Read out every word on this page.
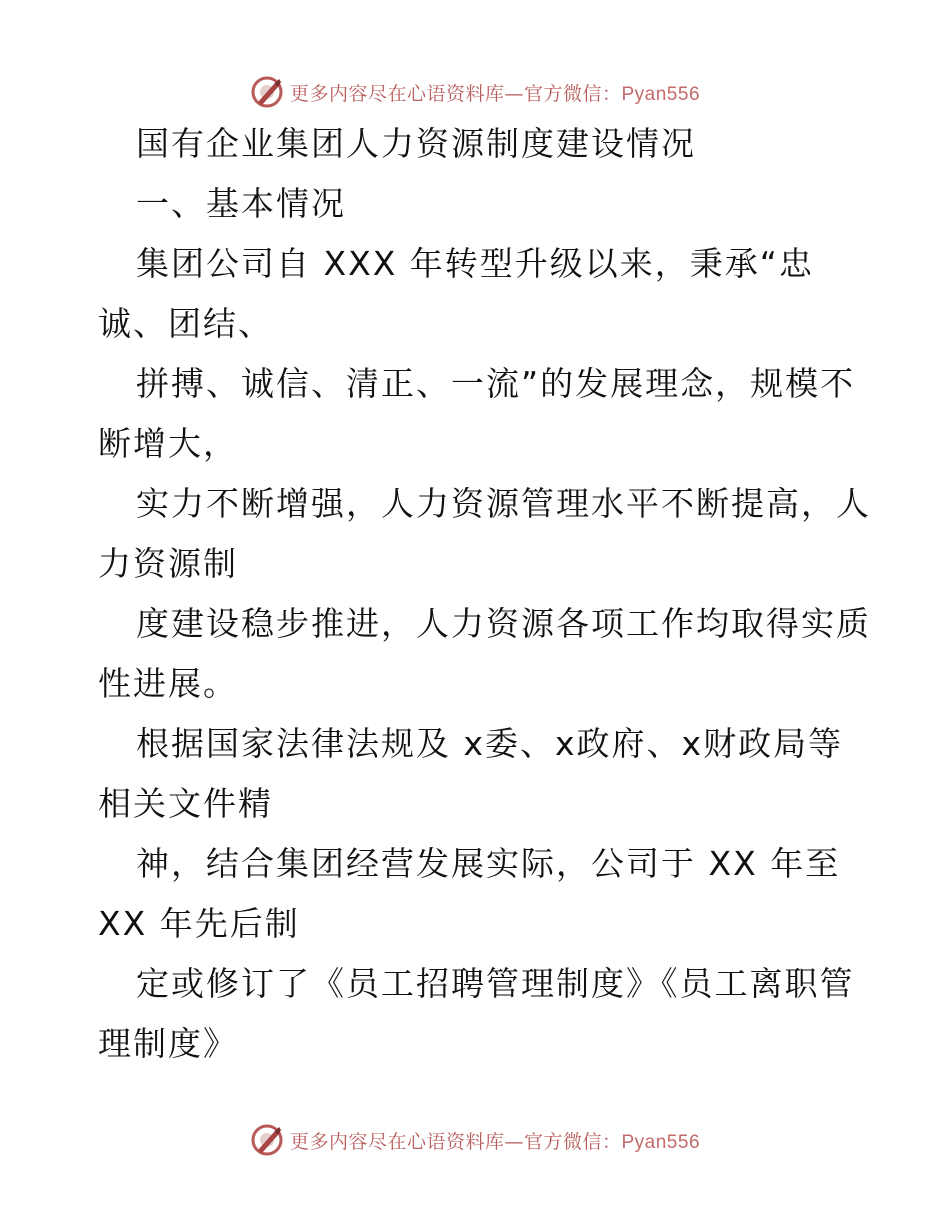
更多内容尽在心语资料库—官方微信：Pyan556

国有企业集团人力资源制度建设情况

一、基本情况

集团公司自 XXX 年转型升级以来，秉承“忠

诚、团结、

拼搏、诚信、清正、一流”的发展理念，规模不

断增大，

实力不断增强，人力资源管理水平不断提高，人

力资源制

度建设稳步推进，人力资源各项工作均取得实质

性进展。

根据国家法律法规及 x委、x政府、x财政局等

相关文件精

神，结合集团经营发展实际，公司于 XX 年至

XX 年先后制

定或修订了《员工招聘管理制度》《员工离职管

理制度》

更多内容尽在心语资料库—官方微信：Pyan556
